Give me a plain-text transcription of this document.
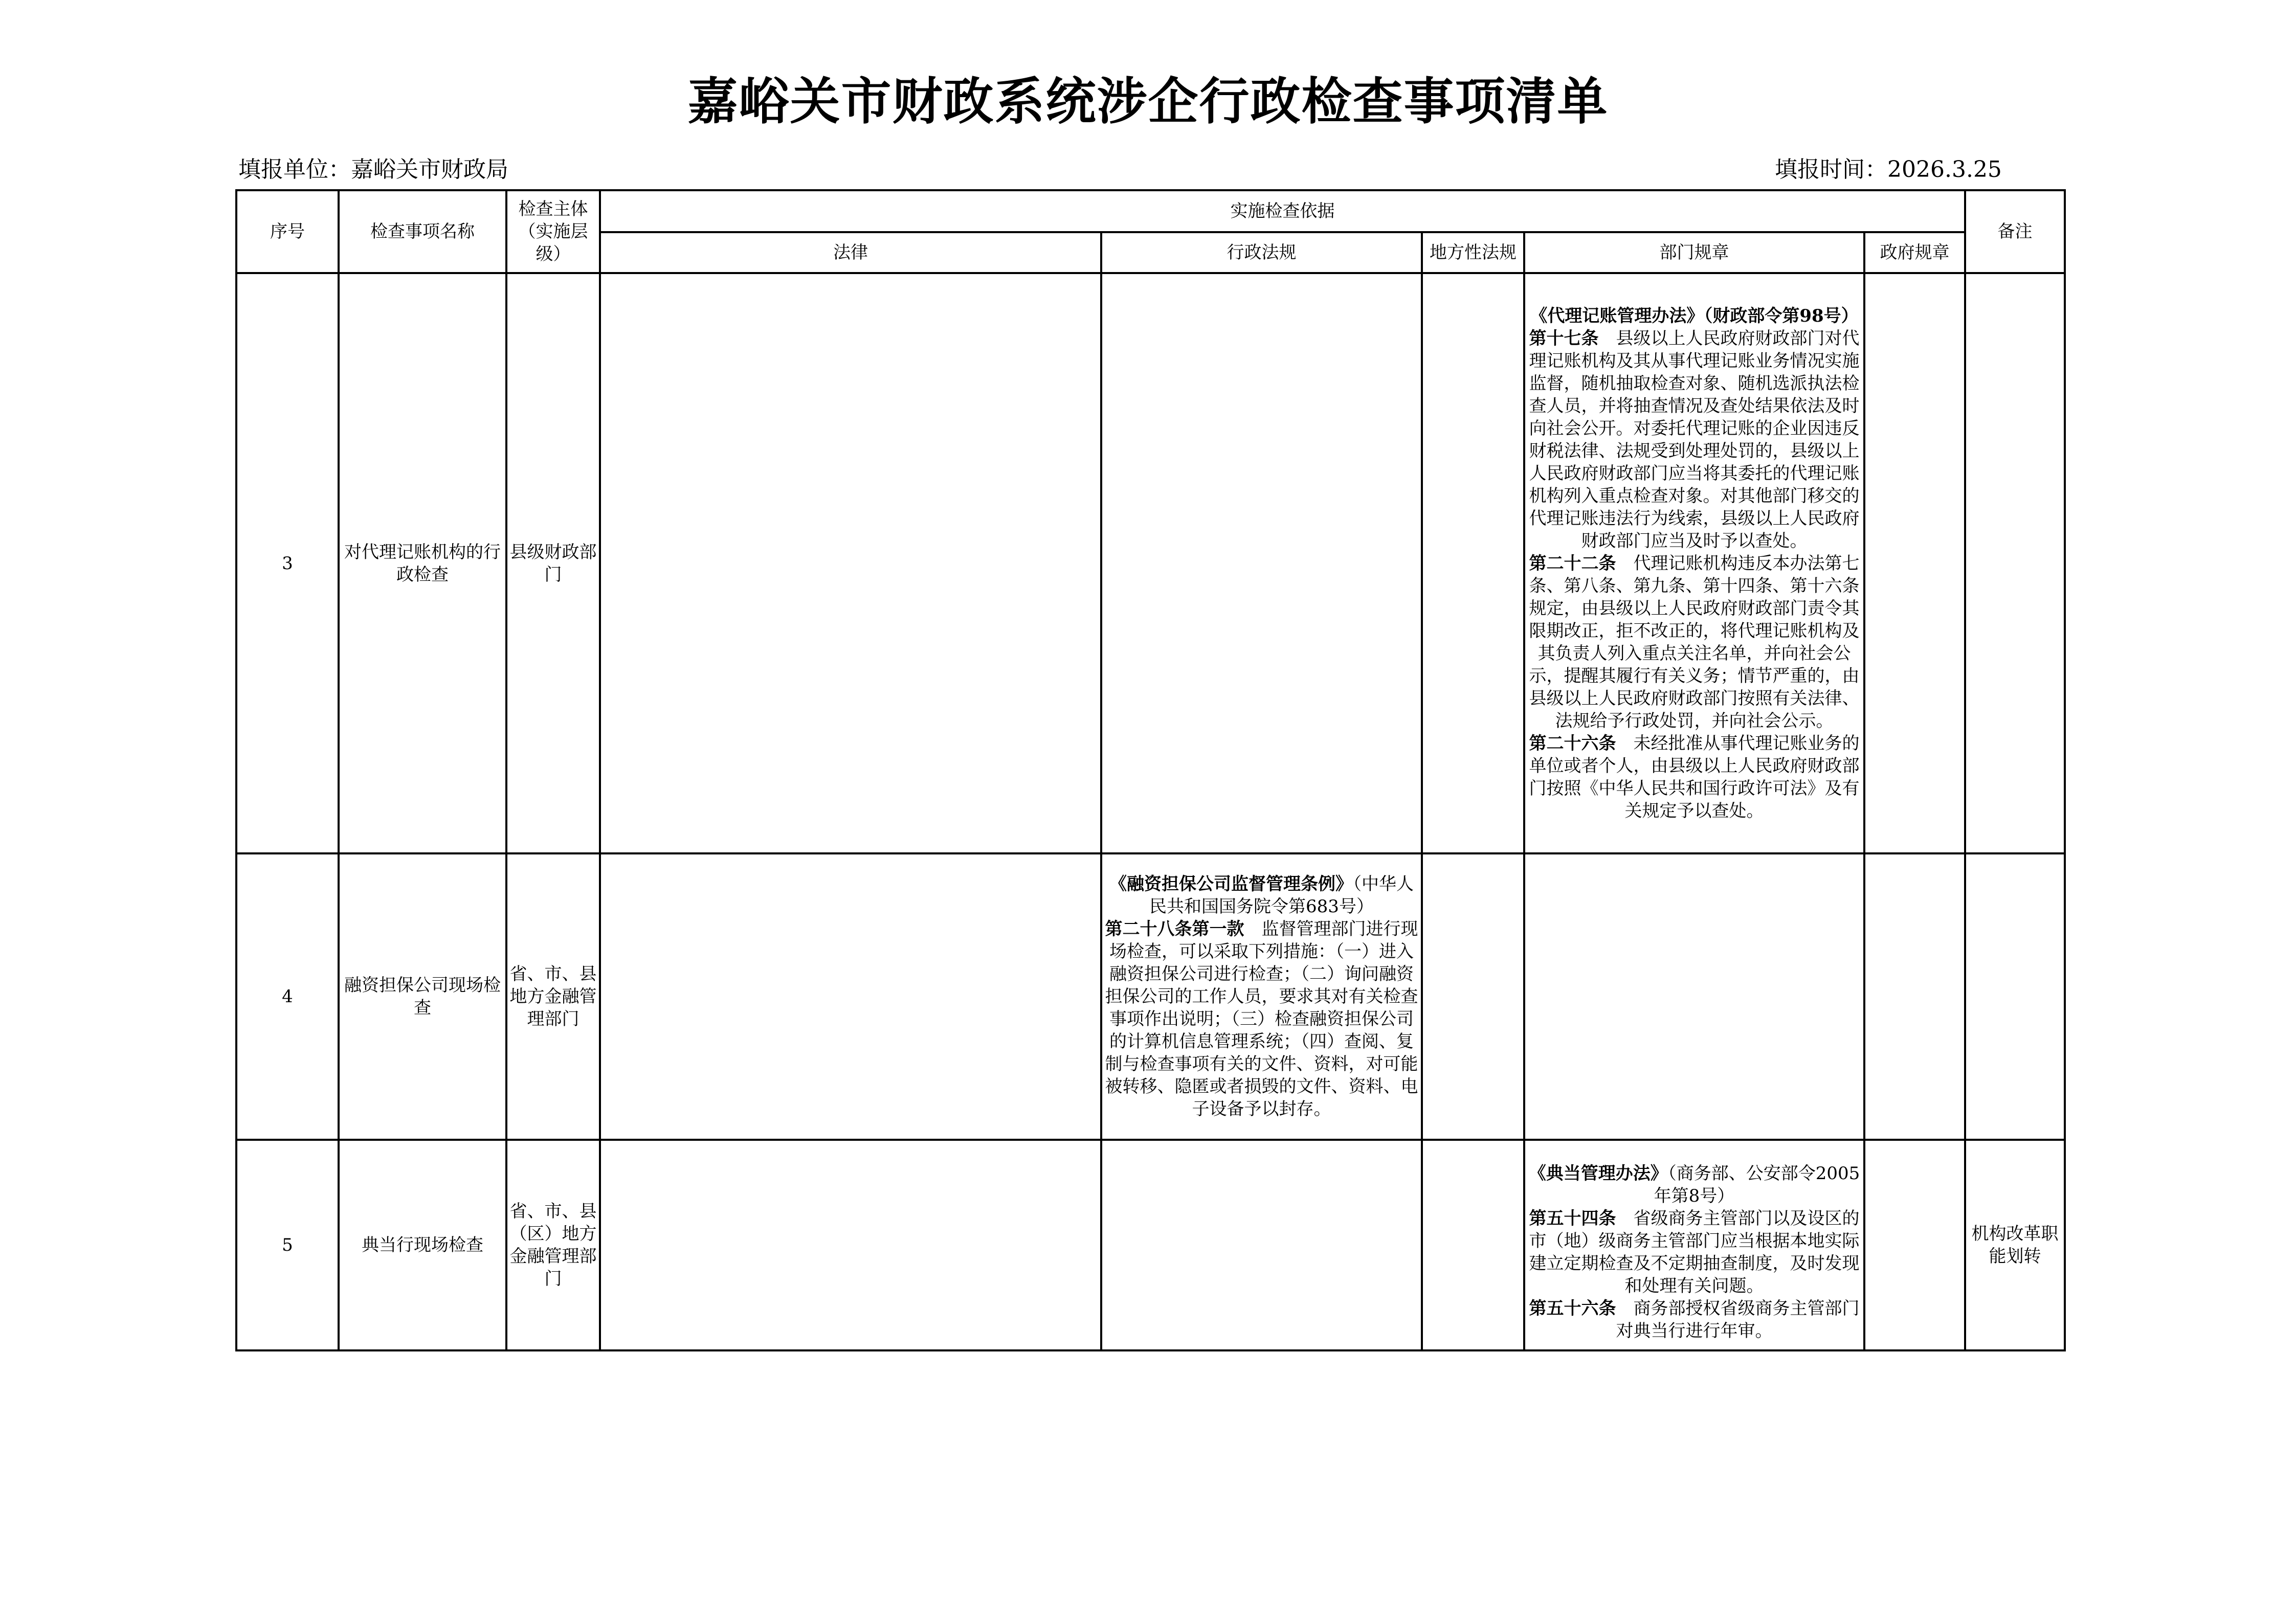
嘉峪关市财政系统涉企行政检查事项清单
填报单位：嘉峪关市财政局	填报时间：2026.3.25
序号	检查事项名称	检查主体（实施层级）	实施检查依据					备注
			法律	行政法规	地方性法规	部门规章	政府规章	
3	对代理记账机构的行政检查	县级财政部门				《代理记账管理办法》（财政部令第98号）第十七条　县级以上人民政府财政部门对代理记账机构及其从事代理记账业务情况实施监督，随机抽取检查对象、随机选派执法检查人员，并将抽查情况及查处结果依法及时向社会公开。对委托代理记账的企业因违反财税法律、法规受到处理处罚的，县级以上人民政府财政部门应当将其委托的代理记账机构列入重点检查对象。对其他部门移交的代理记账违法行为线索，县级以上人民政府财政部门应当及时予以查处。

第二十二条　代理记账机构违反本办法第七条、第八条、第九条、第十四条、第十六条规定，由县级以上人民政府财政部门责令其限期改正，拒不改正的，将代理记账机构及其负责人列入重点关注名单，并向社会公示，提醒其履行有关义务；情节严重的，由县级以上人民政府财政部门按照有关法律、法规给予行政处罚，并向社会公示。

第二十六条　未经批准从事代理记账业务的单位或者个人，由县级以上人民政府财政部门按照《中华人民共和国行政许可法》及有关规定予以查处。		

4	融资担保公司现场检查	省、市、县地方金融管理部门		《融资担保公司监督管理条例》（中华人民共和国国务院令第683号）

第二十八条第一款　监督管理部门进行现场检查，可以采取下列措施：（一）进入融资担保公司进行检查；（二）询问融资担保公司的工作人员，要求其对有关检查事项作出说明；（三）检查融资担保公司的计算机信息管理系统；（四）查阅、复制与检查事项有关的文件、资料，对可能被转移、隐匿或者损毁的文件、资料、电子设备予以封存。				

5	典当行现场检查	省、市、县（区）地方金融管理部门				《典当管理办法》（商务部、公安部令2005年第8号）

第五十四条　省级商务主管部门以及设区的市（地）级商务主管部门应当根据本地实际建立定期检查及不定期抽查制度，及时发现和处理有关问题。

第五十六条　商务部授权省级商务主管部门对典当行进行年审。		机构改革职能划转
